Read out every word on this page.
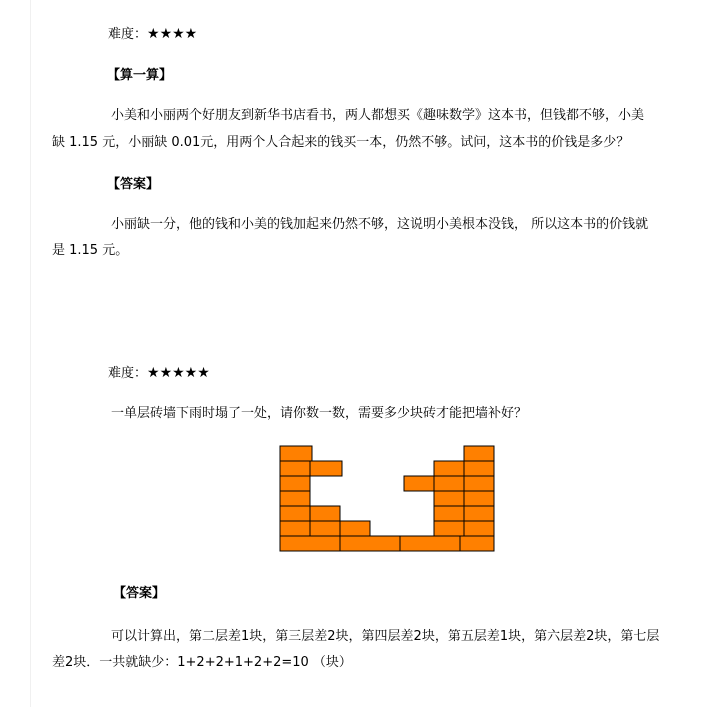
难度：★★★★
【算一算】
小美和小丽两个好朋友到新华书店看书，两人都想买《趣味数学》这本书，但钱都不够，小美
缺 1.15 元，小丽缺 0.01元，用两个人合起来的钱买一本，仍然不够。试问，这本书的价钱是多少？
【答案】
小丽缺一分，他的钱和小美的钱加起来仍然不够，这说明小美根本没钱， 所以这本书的价钱就
是 1.15 元。
难度：★★★★★
一单层砖墙下雨时塌了一处，请你数一数，需要多少块砖才能把墙补好？
【答案】
可以计算出，第二层差1块，第三层差2块，第四层差2块，第五层差1块，第六层差2块，第七层
差2块．一共就缺少：1+2+2+1+2+2=10 （块）
